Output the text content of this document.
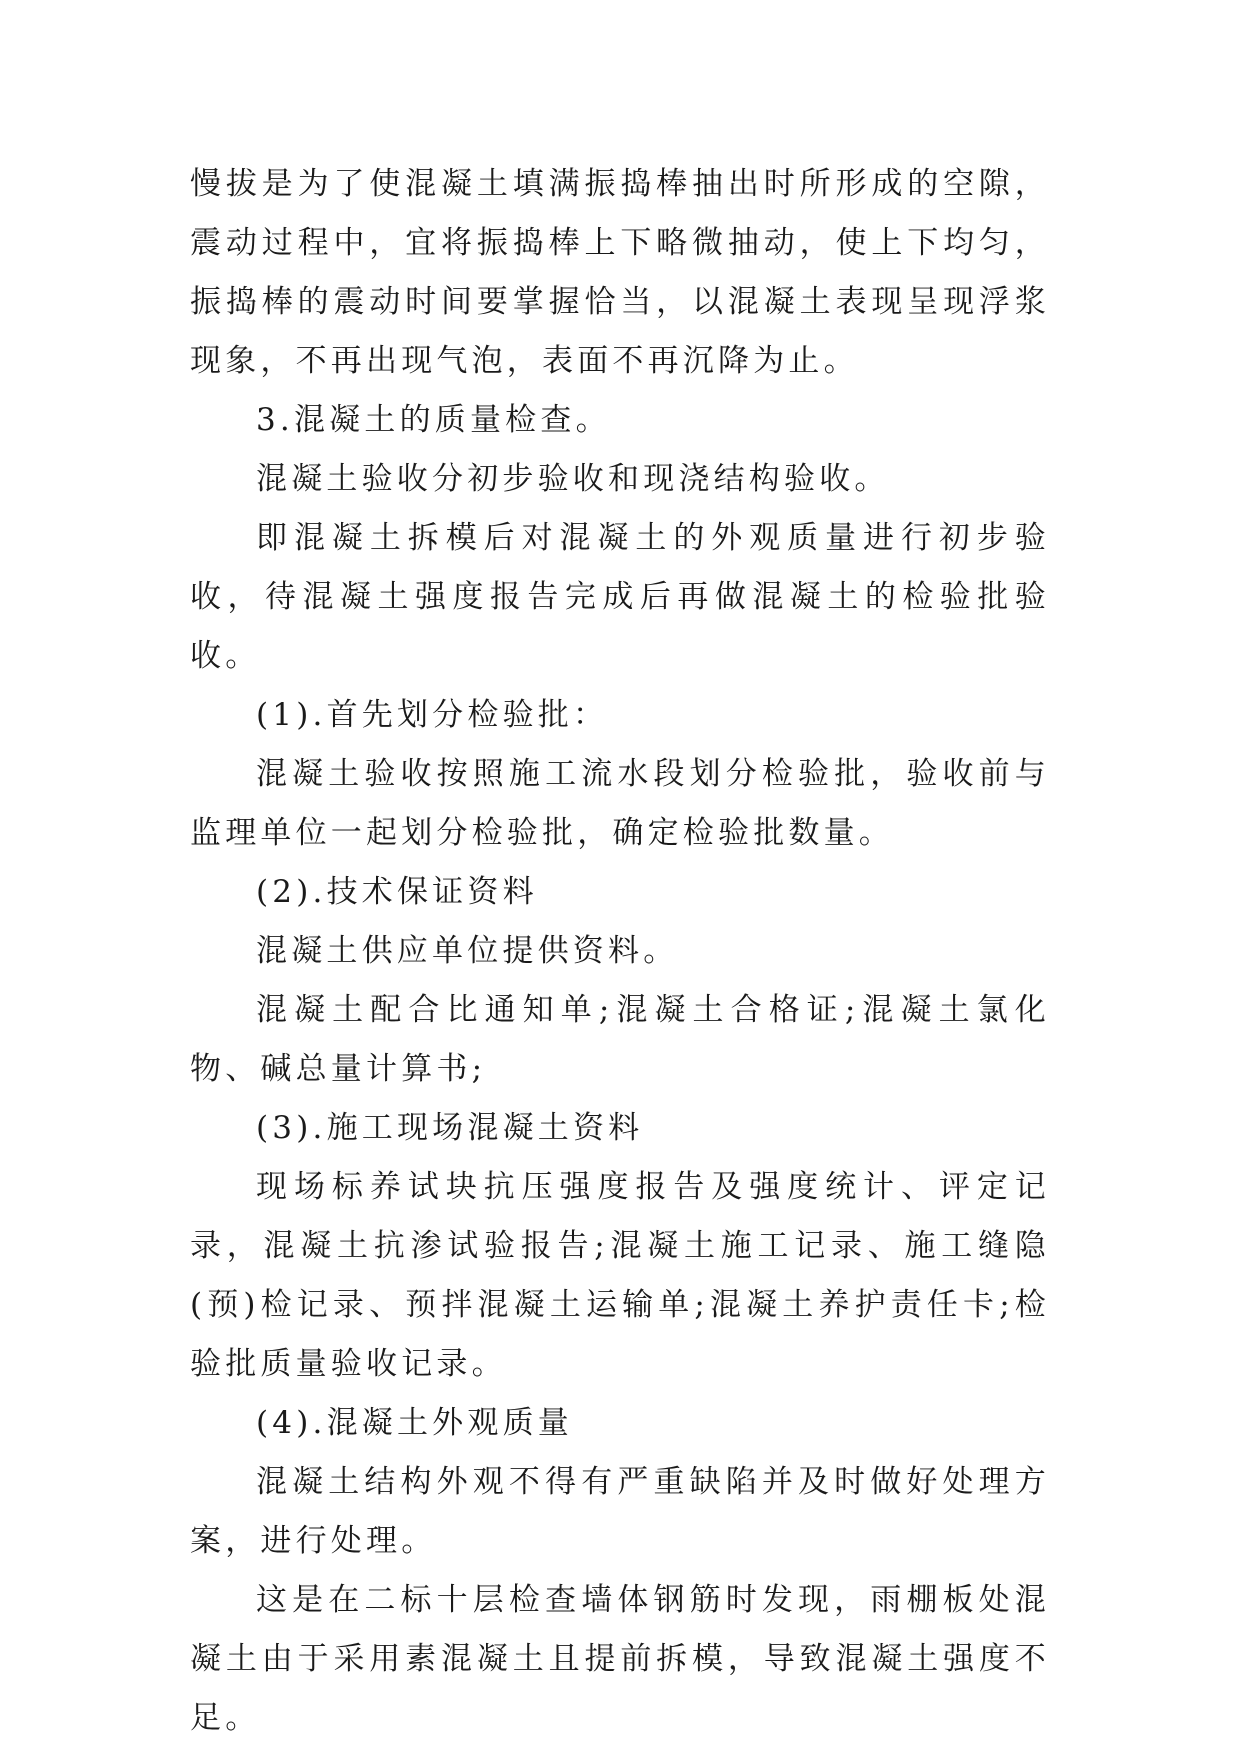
慢拔是为了使混凝土填满振捣棒抽出时所形成的空隙，震动过程中，宜将振捣棒上下略微抽动，使上下均匀，振捣棒的震动时间要掌握恰当，以混凝土表现呈现浮浆现象，不再出现气泡，表面不再沉降为止。

3.混凝土的质量检查。

混凝土验收分初步验收和现浇结构验收。

即混凝土拆模后对混凝土的外观质量进行初步验收，待混凝土强度报告完成后再做混凝土的检验批验收。

(1).首先划分检验批：

混凝土验收按照施工流水段划分检验批，验收前与监理单位一起划分检验批，确定检验批数量。

(2).技术保证资料

混凝土供应单位提供资料。

混凝土配合比通知单;混凝土合格证;混凝土氯化物、碱总量计算书;

(3).施工现场混凝土资料

现场标养试块抗压强度报告及强度统计、评定记录，混凝土抗渗试验报告;混凝土施工记录、施工缝隐(预)检记录、预拌混凝土运输单;混凝土养护责任卡;检验批质量验收记录。

(4).混凝土外观质量

混凝土结构外观不得有严重缺陷并及时做好处理方案，进行处理。

这是在二标十层检查墙体钢筋时发现，雨棚板处混凝土由于采用素混凝土且提前拆模，导致混凝土强度不足。
